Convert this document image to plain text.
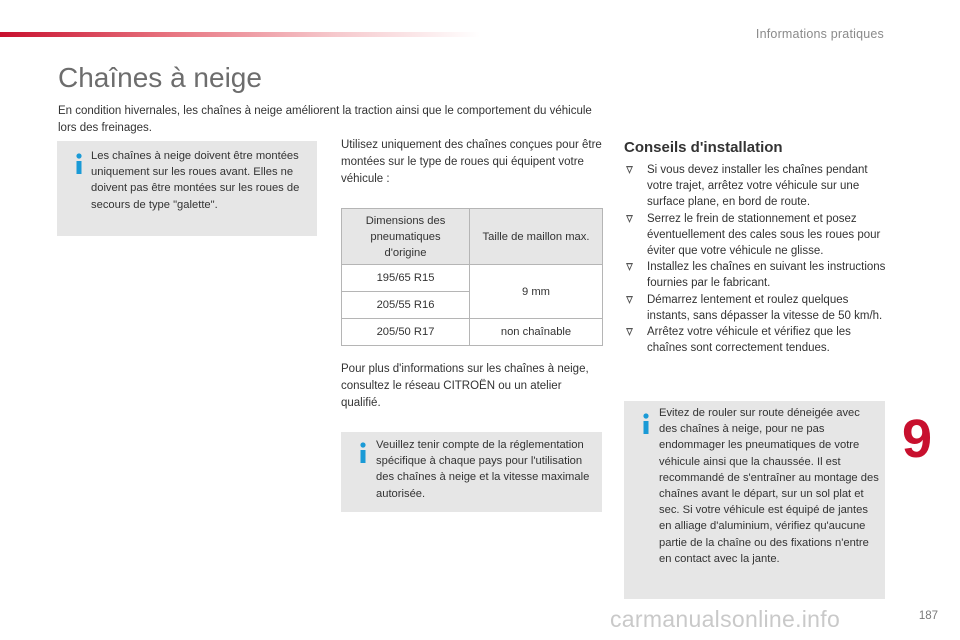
Informations pratiques
Chaînes à neige

En condition hivernales, les chaînes à neige améliorent la traction ainsi que le comportement du véhicule lors des freinages.

Les chaînes à neige doivent être montées uniquement sur les roues avant. Elles ne doivent pas être montées sur les roues de secours de type "galette".

Utilisez uniquement des chaînes conçues pour être montées sur le type de roues qui équipent votre véhicule :

Dimensions des pneumatiques d'origine	Taille de maillon max.
195/65 R15	9 mm
205/55 R16	
205/50 R17	non chaînable

Pour plus d'informations sur les chaînes à neige, consultez le réseau CITROËN ou un atelier qualifié.

Veuillez tenir compte de la réglementation spécifique à chaque pays pour l'utilisation des chaînes à neige et la vitesse maximale autorisée.

Conseils d'installation
Si vous devez installer les chaînes pendant votre trajet, arrêtez votre véhicule sur une surface plane, en bord de route.
Serrez le frein de stationnement et posez éventuellement des cales sous les roues pour éviter que votre véhicule ne glisse.
Installez les chaînes en suivant les instructions fournies par le fabricant.
Démarrez lentement et roulez quelques instants, sans dépasser la vitesse de 50 km/h.
Arrêtez votre véhicule et vérifiez que les chaînes sont correctement tendues.

Evitez de rouler sur route déneigée avec des chaînes à neige, pour ne pas endommager les pneumatiques de votre véhicule ainsi que la chaussée. Il est recommandé de s'entraîner au montage des chaînes avant le départ, sur un sol plat et sec. Si votre véhicule est équipé de jantes en alliage d'aluminium, vérifiez qu'aucune partie de la chaîne ou des fixations n'entre en contact avec la jante.

9
carmanualsonline.info	187
